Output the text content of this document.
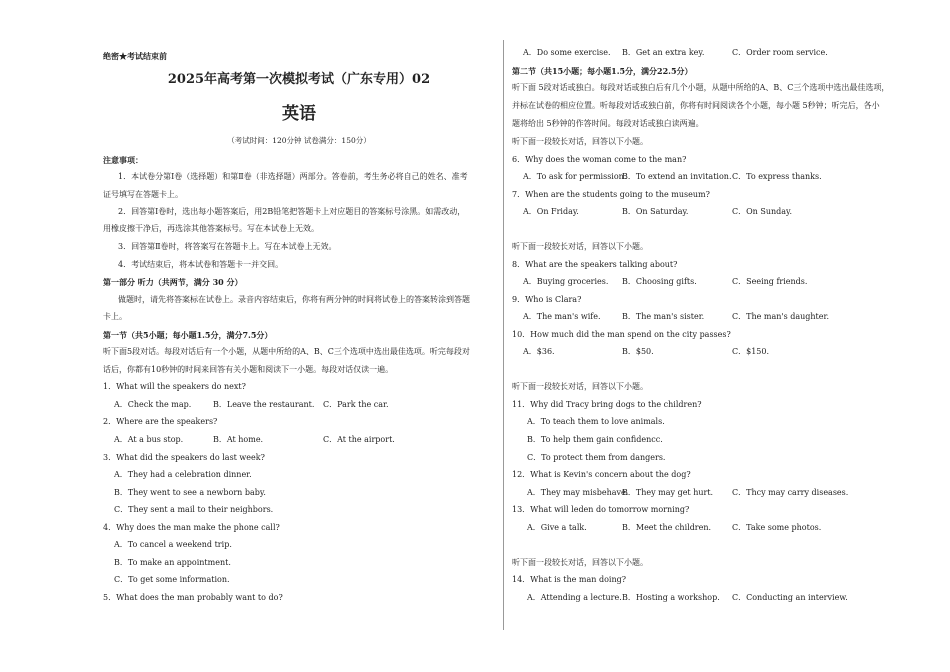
绝密★考试结束前
2025年高考第一次模拟考试（广东专用）02
英语
（考试时间：120分钟 试卷满分：150分）
注意事项：
1．本试卷分第Ⅰ卷（选择题）和第Ⅱ卷（非选择题）两部分。答卷前，考生务必将自己的姓名、准考
证号填写在答题卡上。
2．回答第Ⅰ卷时，选出每小题答案后，用2B铅笔把答题卡上对应题目的答案标号涂黑。如需改动，
用橡皮擦干净后，再选涂其他答案标号。写在本试卷上无效。
3．回答第Ⅱ卷时，将答案写在答题卡上。写在本试卷上无效。
4．考试结束后，将本试卷和答题卡一并交回。
第一部分 听力（共两节，满分 30 分）
做题时，请先将答案标在试卷上。录音内容结束后，你将有两分钟的时间将试卷上的答案转涂到答题
卡上。
第一节（共5小题；每小题1.5分，满分7.5分）
听下面5段对话。每段对话后有一个小题，从题中所给的A、B、C三个选项中选出最佳选项。听完每段对
话后，你都有10秒钟的时间来回答有关小题和阅读下一小题。每段对话仅读一遍。
1．What will the speakers do next?
A．Check the map.	B．Leave the restaurant. C．Park the car.
2．Where are the speakers?
A．At a bus stop.	B．At home.	C．At the airport.
3．What did the speakers do last week?
A．They had a celebration dinner.
B．They went to see a newborn baby.
C．They sent a mail to their neighbors.
4．Why does the man make the phone call?
A．To cancel a weekend trip.
B．To make an appointment.
C．To get some information.
5．What does the man probably want to do?
A．Do some exercise. B．Get an extra key.	C．Order room service.
第二节（共15小题；每小题1.5分，满分22.5分）
听下面 5段对话或独白。每段对话或独白后有几个小题，从题中所给的A、B、C三个选项中选出最佳选项，
并标在试卷的相应位置。听每段对话或独白前，你将有时间阅读各个小题，每小题 5秒钟；听完后，各小
题将给出 5秒钟的作答时间。每段对话或独白读两遍。
听下面一段较长对话，回答以下小题。
6．Why does the woman come to the man?
A．To ask for permission.
B．To extend an invitation. C．To express thanks.
7．When are the students going to the museum?
A．On Friday.	B．On Saturday.	C．On Sunday.
听下面一段较长对话，回答以下小题。
8．What are the speakers talking about?
A．Buying groceries. B．Choosing gifts.	C．Seeing friends.
9．Who is Clara?
A．The man's wife.	B．The man's sister.	C．The man's daughter.
10．How much did the man spend on the city passes?
A．$36.	B．$50.	C．$150.
听下面一段较长对话，回答以下小题。
11．Why did Tracy bring dogs to the children?
A．To teach them to love animals.
B．To help them gain confidencc.
C．To protect them from dangers.
12．What is Kevin's concern about the dog?
A．They may misbehave.
B．They may get hurt. C．Thcy may carry diseases.
13．What will leden do tomorrow morning?
A．Give a talk.	B．Meet the children.	C．Take some photos.
听下面一段较长对话，回答以下小题。
14．What is the man doing?
A．Attending a lecture. B．Hosting a workshop. C．Conducting an interview.
